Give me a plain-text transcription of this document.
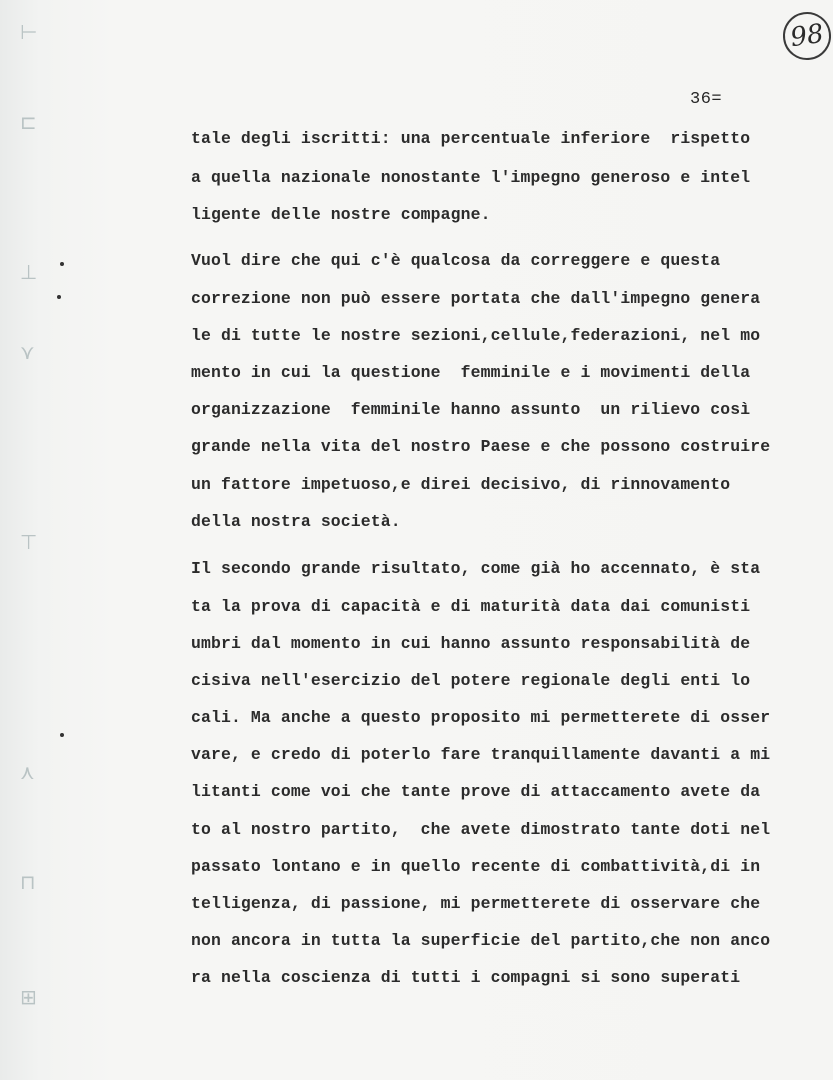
⊢
⊏
⊥
⋎
⊤
⋏
⊓
⊞
98
36=
tale degli iscritti: una percentuale inferiore  rispetto
a quella nazionale nonostante l'impegno generoso e intel
ligente delle nostre compagne.
Vuol dire che qui c'è qualcosa da correggere e questa
correzione non può essere portata che dall'impegno genera
le di tutte le nostre sezioni,cellule,federazioni, nel mo
mento in cui la questione  femminile e i movimenti della
organizzazione  femminile hanno assunto  un rilievo così
grande nella vita del nostro Paese e che possono costruire
un fattore impetuoso,e direi decisivo, di rinnovamento
della nostra società.
Il secondo grande risultato, come già ho accennato, è sta
ta la prova di capacità e di maturità data dai comunisti
umbri dal momento in cui hanno assunto responsabilità de
cisiva nell'esercizio del potere regionale degli enti lo
cali. Ma anche a questo proposito mi permetterete di osser
vare, e credo di poterlo fare tranquillamente davanti a mi
litanti come voi che tante prove di attaccamento avete da
to al nostro partito,  che avete dimostrato tante doti nel
passato lontano e in quello recente di combattività,di in
telligenza, di passione, mi permetterete di osservare che
non ancora in tutta la superficie del partito,che non anco
ra nella coscienza di tutti i compagni si sono superati
